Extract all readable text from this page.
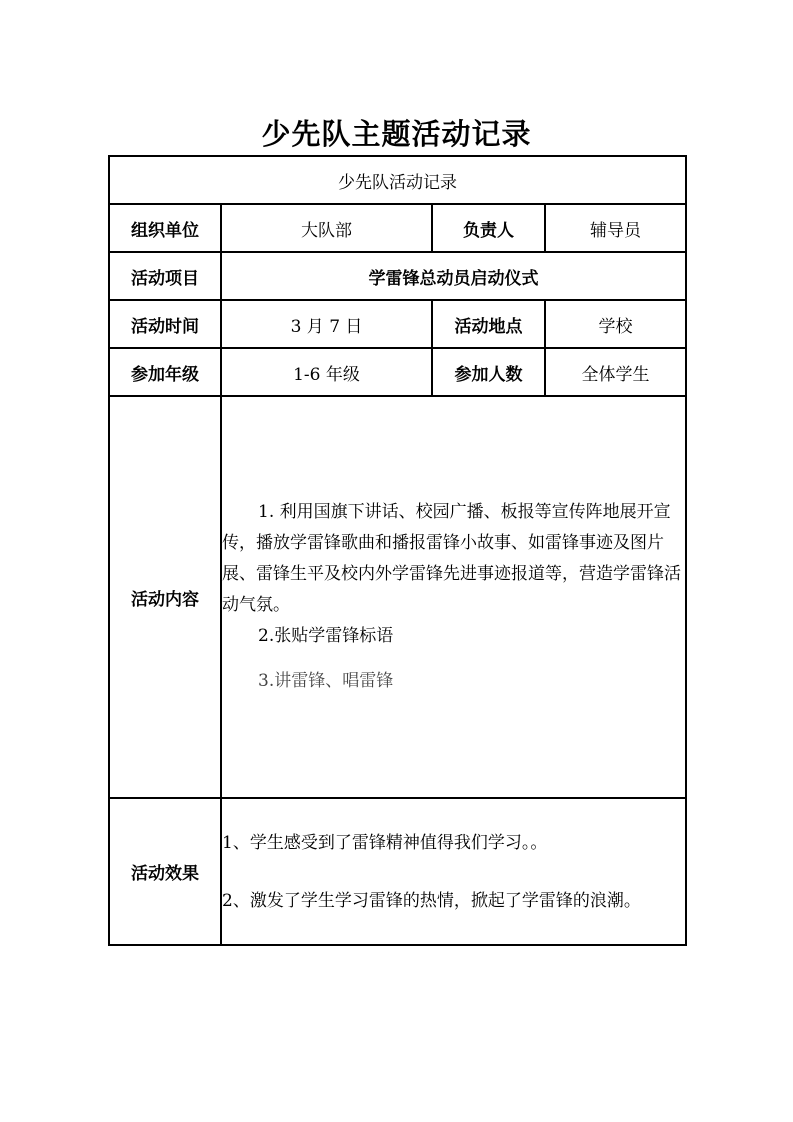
少先队主题活动记录
少先队活动记录			
组织单位	大队部	负责人	辅导员
活动项目	学雷锋总动员启动仪式		
活动时间	3 月 7 日	活动地点	学校
参加年级	1-6 年级	参加人数	全体学生
活动内容	1. 利用国旗下讲话、校园广播、板报等宣传阵地展开宣传，播放学雷锋歌曲和播报雷锋小故事、如雷锋事迹及图片展、雷锋生平及校内外学雷锋先进事迹报道等，营造学雷锋活动气氛。

2.张贴学雷锋标语

3.讲雷锋、唱雷锋		

活动效果	1、学生感受到了雷锋精神值得我们学习。。

2、激发了学生学习雷锋的热情，掀起了学雷锋的浪潮。		
